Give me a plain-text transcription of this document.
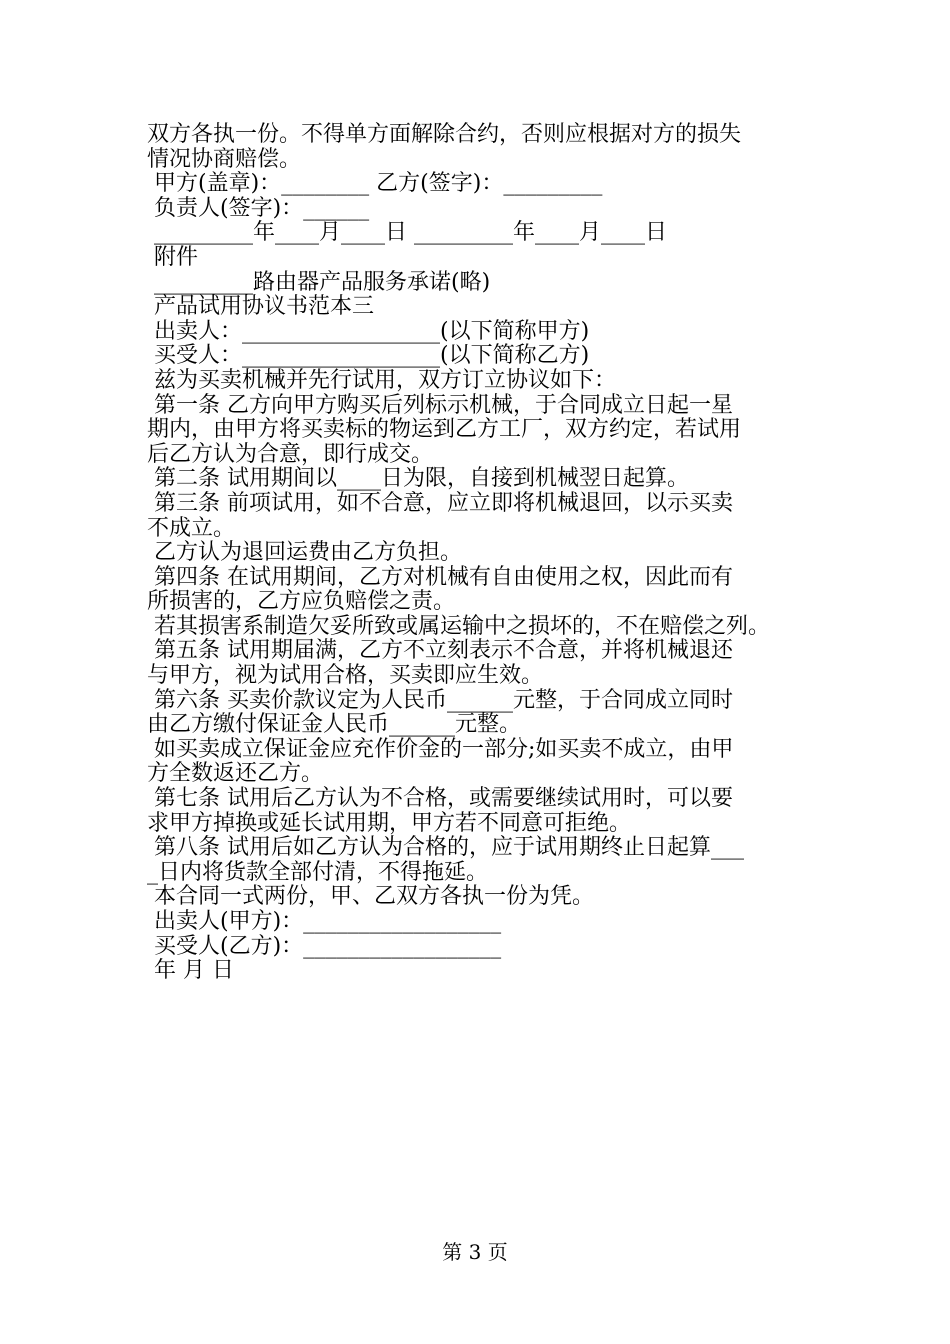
双方各执一份。不得单方面解除合约，否则应根据对方的损失
情况协商赔偿。
甲方(盖章)：________ 乙方(签字)：_________
负责人(签字)：______
_________年____月____日 _________年____月____日
附件
_________路由器产品服务承诺(略)
产品试用协议书范本三
出卖人：__________________(以下简称甲方)
买受人：__________________(以下简称乙方)
兹为买卖机械并先行试用，双方订立协议如下：
第一条 乙方向甲方购买后列标示机械，于合同成立日起一星
期内，由甲方将买卖标的物运到乙方工厂，双方约定，若试用
后乙方认为合意，即行成交。
第二条 试用期间以____日为限，自接到机械翌日起算。
第三条 前项试用，如不合意，应立即将机械退回，以示买卖
不成立。
乙方认为退回运费由乙方负担。
第四条 在试用期间，乙方对机械有自由使用之权，因此而有
所损害的，乙方应负赔偿之责。
若其损害系制造欠妥所致或属运输中之损坏的，不在赔偿之列。
第五条 试用期届满，乙方不立刻表示不合意，并将机械退还
与甲方，视为试用合格，买卖即应生效。
第六条 买卖价款议定为人民币______元整，于合同成立同时
由乙方缴付保证金人民币______元整。
如买卖成立保证金应充作价金的一部分;如买卖不成立，由甲
方全数返还乙方。
第七条 试用后乙方认为不合格，或需要继续试用时，可以要
求甲方掉换或延长试用期，甲方若不同意可拒绝。
第八条 试用后如乙方认为合格的，应于试用期终止日起算___
_日内将货款全部付清，不得拖延。
本合同一式两份，甲、乙双方各执一份为凭。
出卖人(甲方)：__________________
买受人(乙方)：__________________
年 月 日
第 3 页
